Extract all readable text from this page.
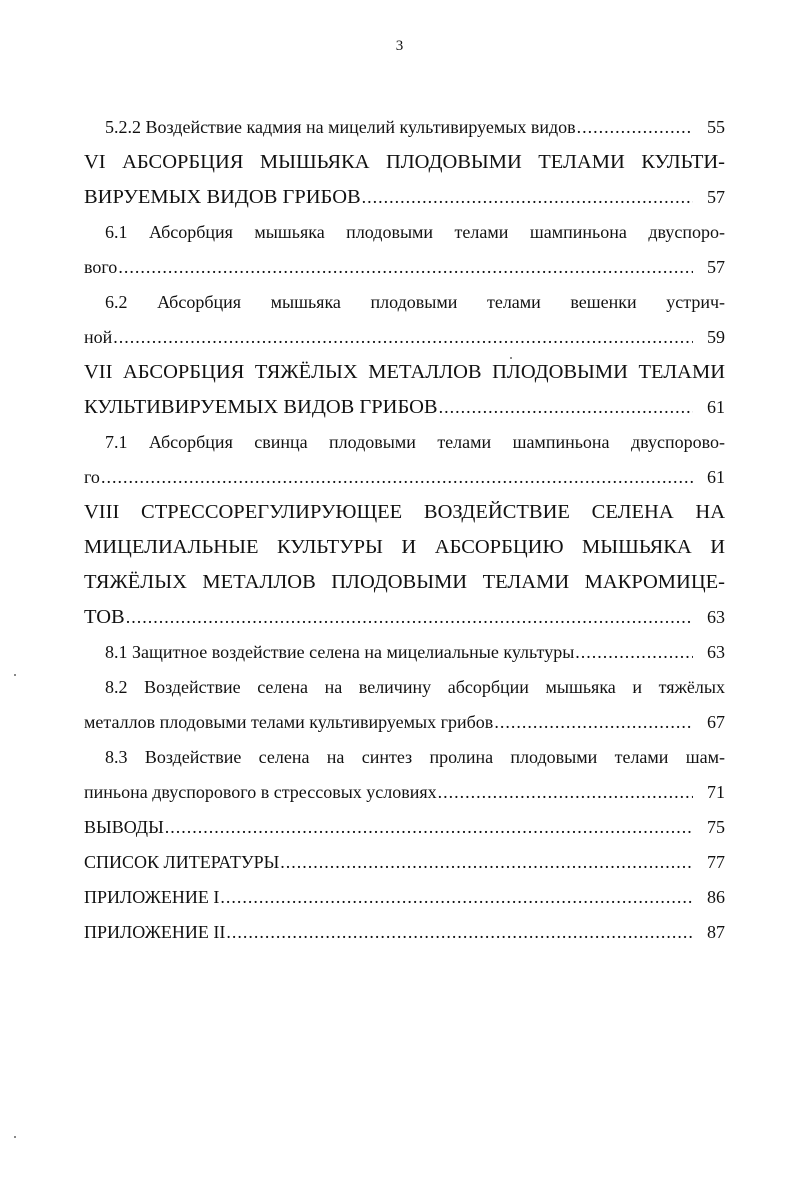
3
5.2.2 Воздействие кадмия на мицелий культивируемых видов .....	55
VI АБСОРБЦИЯ МЫШЬЯКА ПЛОДОВЫМИ ТЕЛАМИ КУЛЬТИ-
ВИРУЕМЫХ ВИДОВ ГРИБОВ .....	57
6.1 Абсорбция мышьяка плодовыми телами шампиньона двуспоро-
вого .....	57
6.2 Абсорбция мышьяка плодовыми телами вешенки устрич-
ной .....	59
VII АБСОРБЦИЯ ТЯЖЁЛЫХ МЕТАЛЛОВ ПЛОДОВЫМИ ТЕЛАМИ
КУЛЬТИВИРУЕМЫХ ВИДОВ ГРИБОВ .....	61
7.1 Абсорбция свинца плодовыми телами шампиньона двуспорово-
го .....	61
VIII СТРЕССОРЕГУЛИРУЮЩЕЕ ВОЗДЕЙСТВИЕ СЕЛЕНА НА
МИЦЕЛИАЛЬНЫЕ КУЛЬТУРЫ И АБСОРБЦИЮ МЫШЬЯКА И
ТЯЖЁЛЫХ МЕТАЛЛОВ ПЛОДОВЫМИ ТЕЛАМИ МАКРОМИЦЕ-
ТОВ .....	63
8.1 Защитное воздействие селена на мицелиальные культуры .....	63
8.2 Воздействие селена на величину абсорбции мышьяка и тяжёлых
металлов плодовыми телами культивируемых грибов .....	67
8.3 Воздействие селена на синтез пролина плодовыми телами шам-
пиньона двуспорового в стрессовых условиях .....	71
ВЫВОДЫ .....	75
СПИСОК ЛИТЕРАТУРЫ .....	77
ПРИЛОЖЕНИЕ I .....	86
ПРИЛОЖЕНИЕ II .....	87
